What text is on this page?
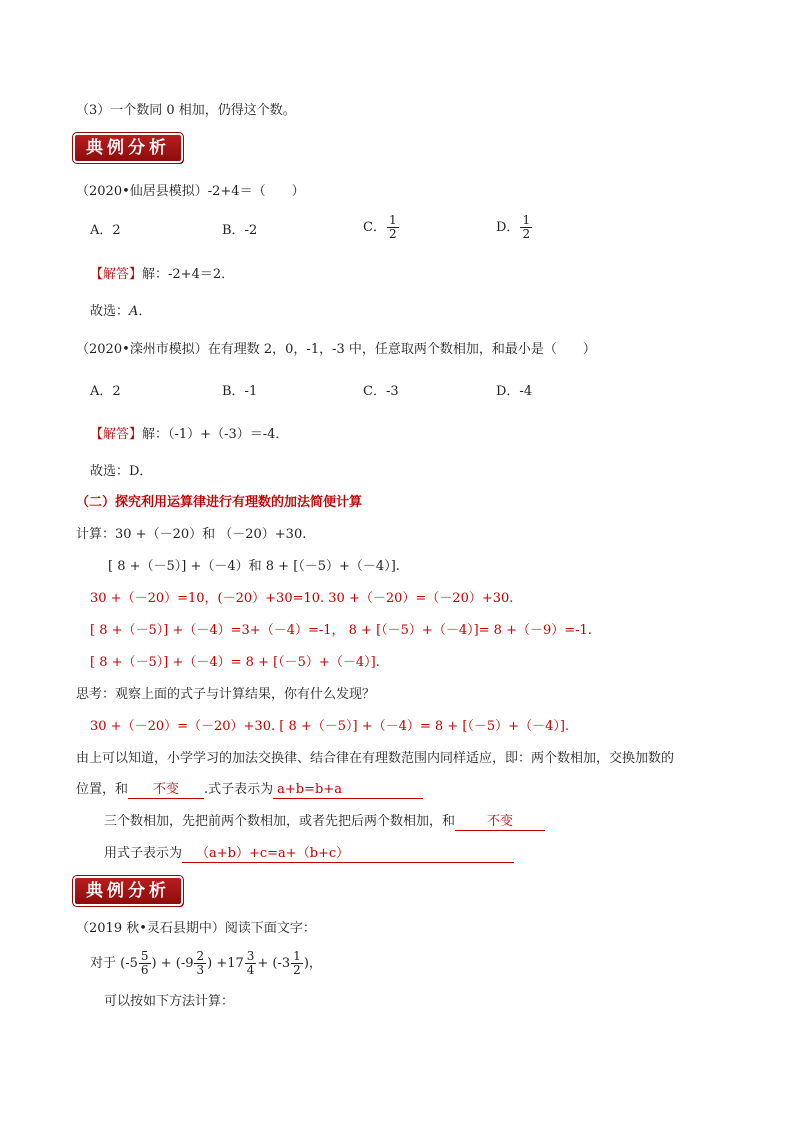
（3）一个数同 0 相加，仍得这个数。
典例分析
（2020•仙居县模拟）-2+4＝（　　）
A．2	B．-2	C． $\frac{1}{2}$	D． $\frac{1}{2}$
【解答】解：-2+4＝2．
故选：A．
（2020•滦州市模拟）在有理数 2，0，-1，-3 中，任意取两个数相加，和最小是（　　）
A．2	B．-1	C．-3	D．-4
【解答】解：（-1）+（-3）＝-4．
故选：D．
（二）探究利用运算律进行有理数的加法简便计算
计算：30 +（－20）和 （－20）+30.
[ 8 +（－5）] +（－4）和 8 + [（－5）+（－4）].
30 +（－20）=10，(－20）+30=10. 30 +（－20）=（－20）+30.
[ 8 +（－5）] +（－4）=3+（－4）=-1， 8 + [（－5）+（－4）]= 8 +（－9）=-1.
[ 8 +（－5）] +（－4）= 8 + [（－5）+（－4）].
思考：观察上面的式子与计算结果，你有什么发现？
30 +（－20）=（－20）+30. [ 8 +（－5）] +（－4）= 8 + [（－5）+（－4）].
由上可以知道，小学学习的加法交换律、结合律在有理数范围内同样适应，即：两个数相加，交换加数的
位置，和 不变 .式子表示为 a+b=b+a
三个数相加，先把前两个数相加，或者先把后两个数相加，和 不变
用式子表示为 （a+b）+c=a+（b+c）
典例分析
（2019 秋•灵石县期中）阅读下面文字：
对于 ($-5 \frac{5}{6}$ ) + ($-9 \frac{2}{3}$ ) $+17 \frac{3}{4} + (-3 \frac{1}{2}$ )，
可以按如下方法计算：
